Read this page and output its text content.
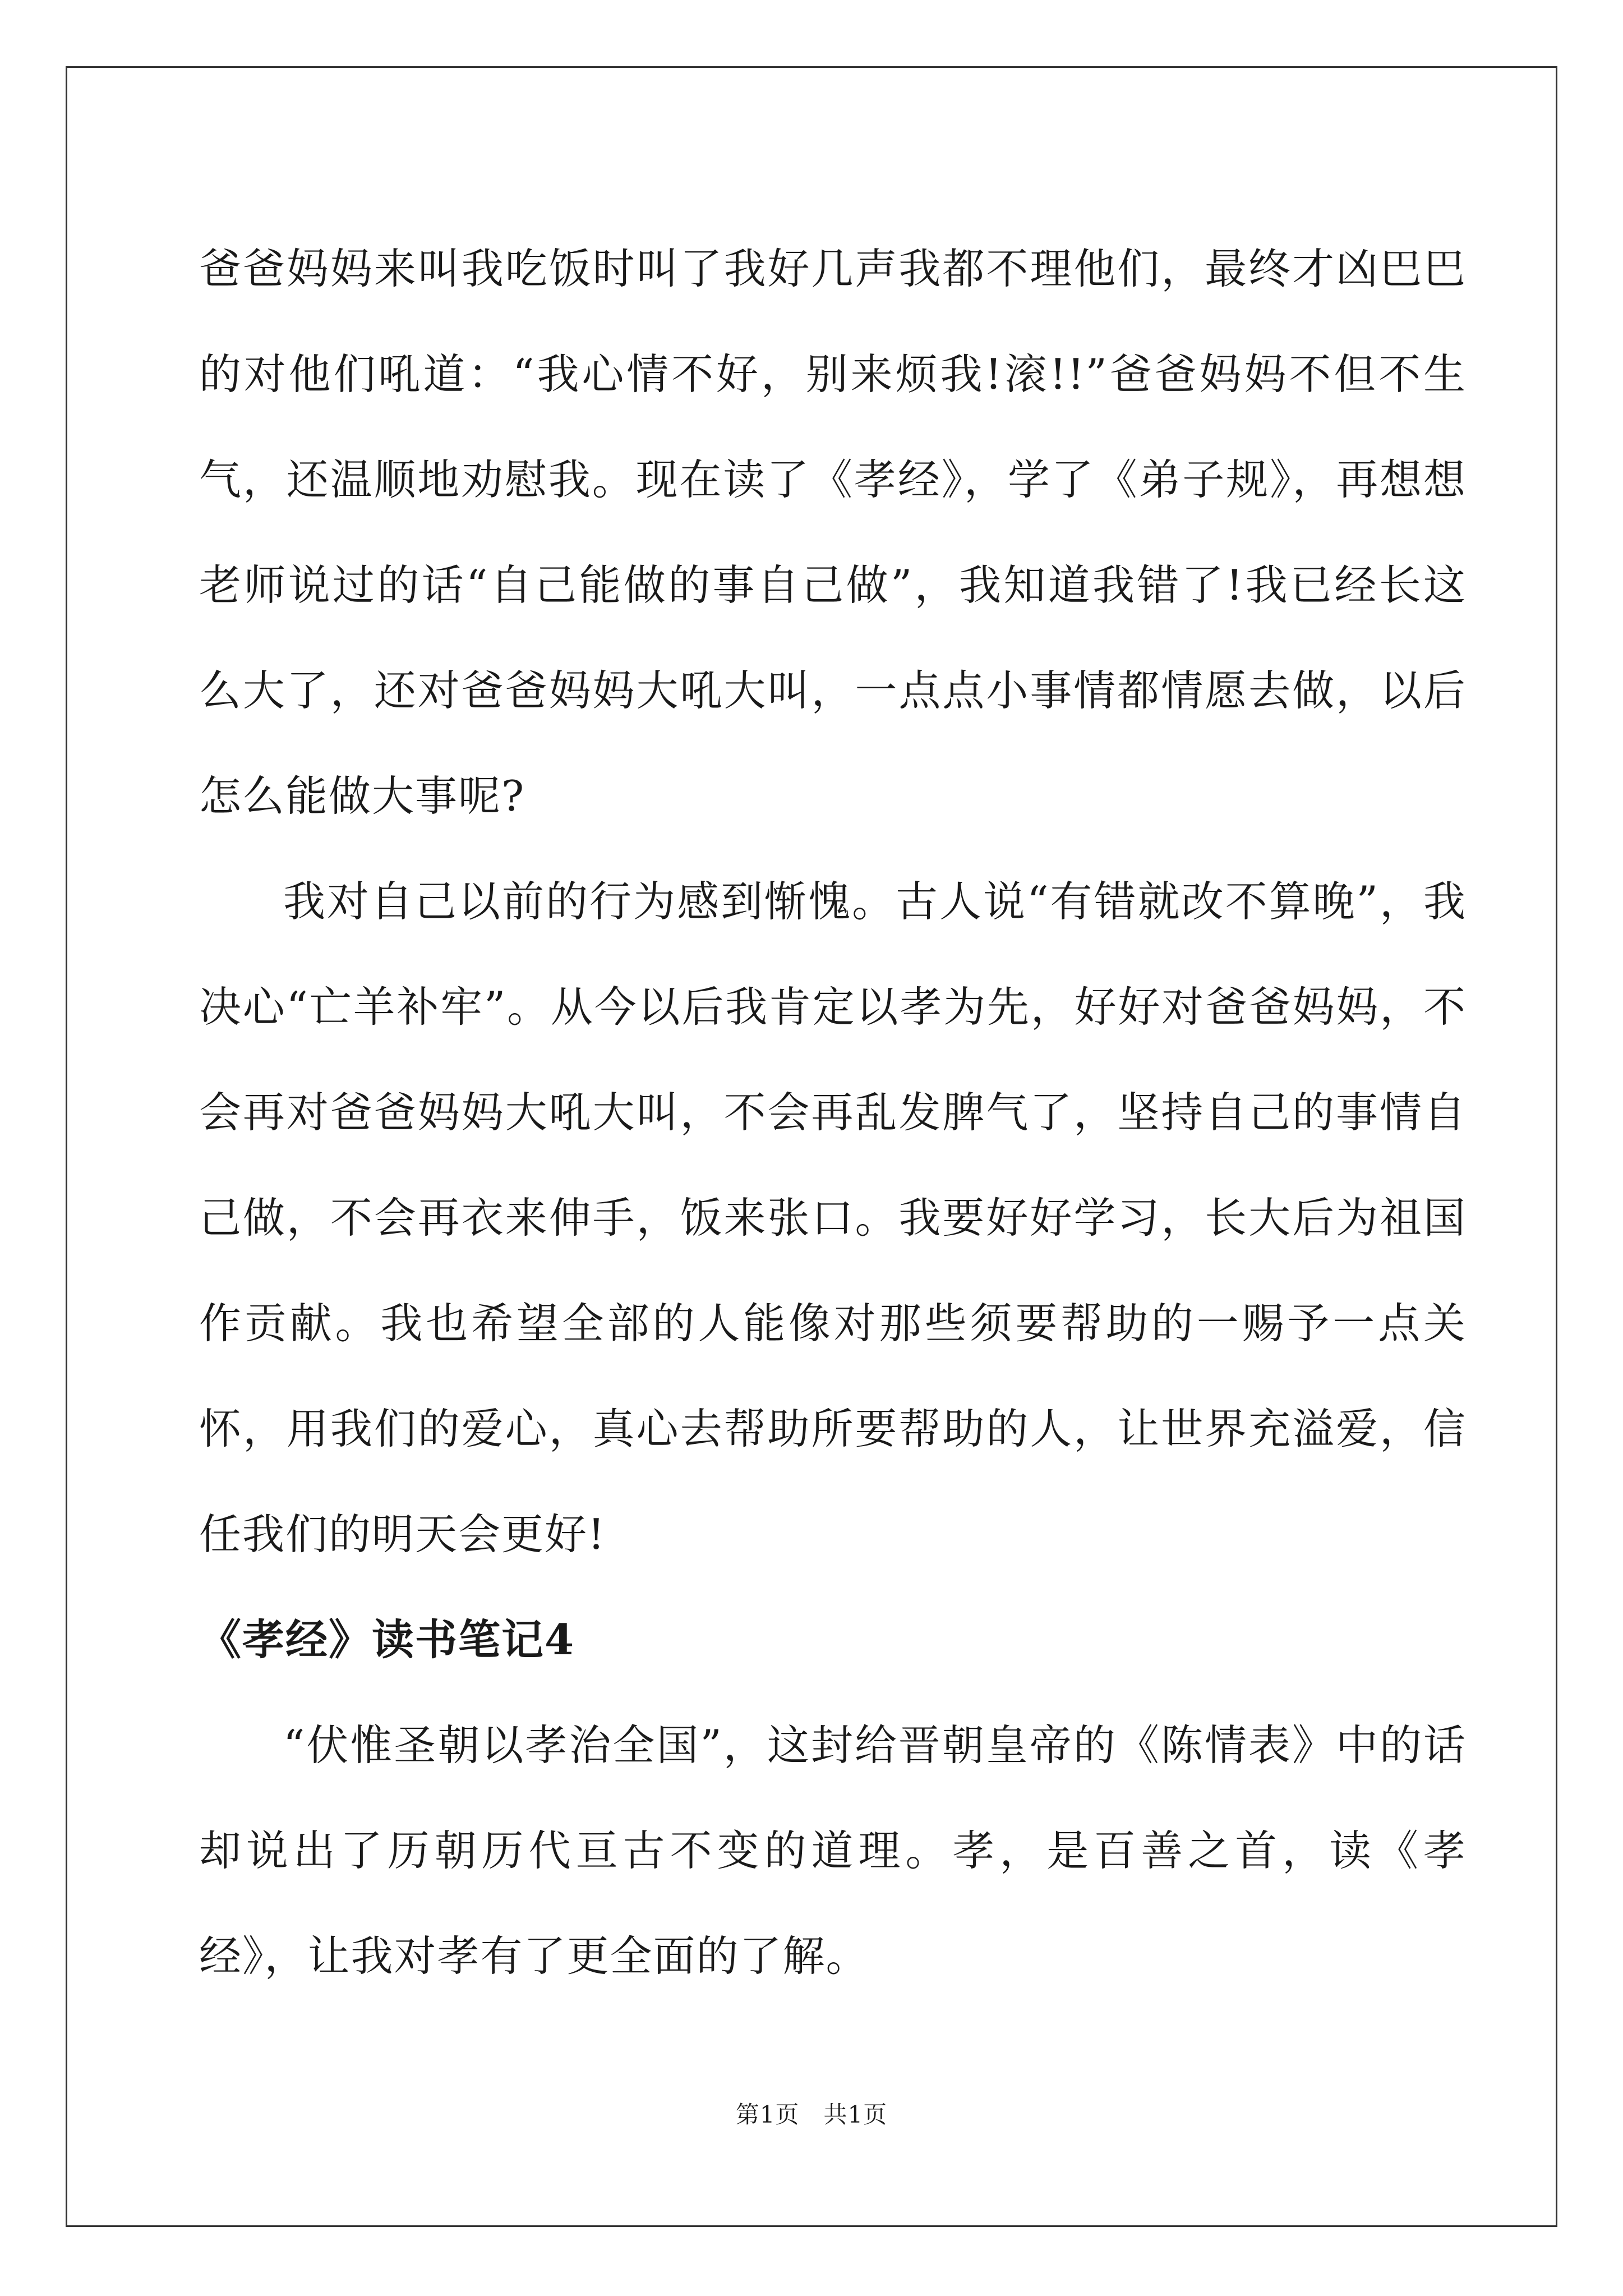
爸爸妈妈来叫我吃饭时叫了我好几声我都不理他们，最终才凶巴巴的对他们吼道：“我心情不好，别来烦我!滚!!”爸爸妈妈不但不生气，还温顺地劝慰我。现在读了《孝经》，学了《弟子规》，再想想老师说过的话“自己能做的事自己做”，我知道我错了!我已经长这么大了，还对爸爸妈妈大吼大叫，一点点小事情都情愿去做，以后怎么能做大事呢?

我对自己以前的行为感到惭愧。古人说“有错就改不算晚”，我决心“亡羊补牢”。从今以后我肯定以孝为先，好好对爸爸妈妈，不会再对爸爸妈妈大吼大叫，不会再乱发脾气了，坚持自己的事情自己做，不会再衣来伸手，饭来张口。我要好好学习，长大后为祖国作贡献。我也希望全部的人能像对那些须要帮助的一赐予一点关怀，用我们的爱心，真心去帮助所要帮助的人，让世界充溢爱，信任我们的明天会更好!

《孝经》读书笔记4

“伏惟圣朝以孝治全国”，这封给晋朝皇帝的《陈情表》中的话却说出了历朝历代亘古不变的道理。孝，是百善之首，读《孝经》，让我对孝有了更全面的了解。

第1页　共1页
